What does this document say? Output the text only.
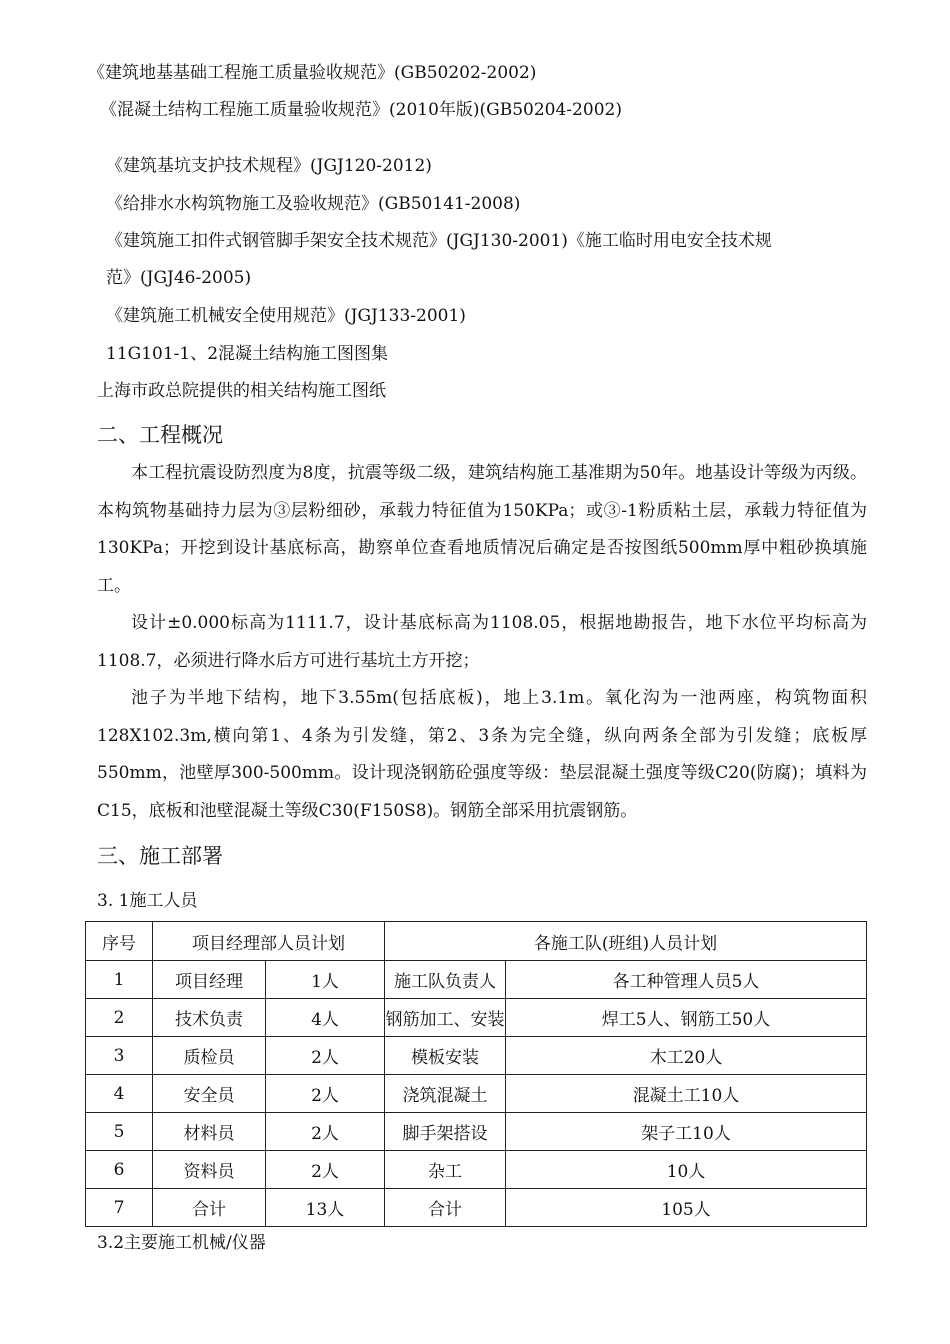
《建筑地基基础工程施工质量验收规范》(GB50202-2002)
《混凝土结构工程施工质量验收规范》(2010年版)(GB50204-2002)
《建筑基坑支护技术规程》(JGJ120-2012)
《给排水水构筑物施工及验收规范》(GB50141-2008)
《建筑施工扣件式钢管脚手架安全技术规范》(JGJ130-2001)《施工临时用电安全技术规
范》(JGJ46-2005)
《建筑施工机械安全使用规范》(JGJ133-2001)
11G101-1、2混凝土结构施工图图集
上海市政总院提供的相关结构施工图纸
二、工程概况
本工程抗震设防烈度为8度，抗震等级二级，建筑结构施工基准期为50年。地基设计等级为丙级。本构筑物基础持力层为③层粉细砂，承载力特征值为150KPa；或③-1粉质粘土层，承载力特征值为130KPa；开挖到设计基底标高，勘察单位查看地质情况后确定是否按图纸500mm厚中粗砂换填施工。
设计±0.000标高为1111.7，设计基底标高为1108.05，根据地勘报告，地下水位平均标高为1108.7，必须进行降水后方可进行基坑土方开挖；
池子为半地下结构，地下3.55m(包括底板)，地上3.1m。氧化沟为一池两座，构筑物面积128X102.3m,横向第1、4条为引发缝，第2、3条为完全缝，纵向两条全部为引发缝；底板厚550mm，池壁厚300-500mm。设计现浇钢筋砼强度等级：垫层混凝土强度等级C20(防腐)；填料为C15，底板和池壁混凝土等级C30(F150S8)。钢筋全部采用抗震钢筋。
三、施工部署
3. 1施工人员
序号	项目经理部人员计划		各施工队(班组)人员计划	
1	项目经理	1人	施工队负责人	各工种管理人员5人
2	技术负责	4人	钢筋加工、安装	焊工5人、钢筋工50人
3	质检员	2人	模板安装	木工20人
4	安全员	2人	浇筑混凝土	混凝土工10人
5	材料员	2人	脚手架搭设	架子工10人
6	资料员	2人	杂工	10人
7	合计	13人	合计	105人
3.2主要施工机械/仪器
